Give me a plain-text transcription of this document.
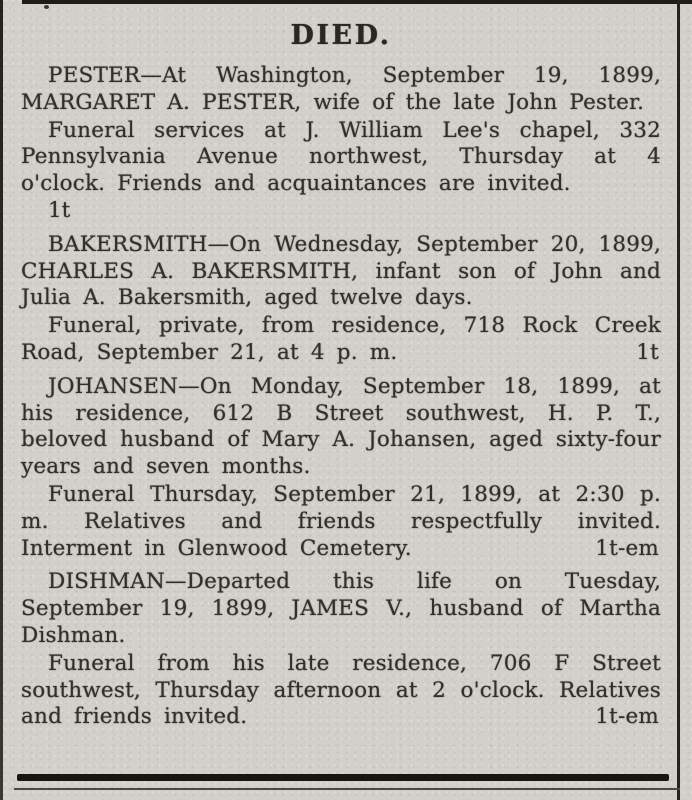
DIED.

PESTER—At Washington, September 19, 1899, MARGARET A. PESTER, wife of the late John Pester.

Funeral services at J. William Lee's chapel, 332 Pennsylvania Avenue northwest, Thursday at 4 o'clock. Friends and acquaintances are invited.

1t

BAKERSMITH—On Wednesday, September 20, 1899, CHARLES A. BAKERSMITH, infant son of John and Julia A. Bakersmith, aged twelve days.

Funeral, private, from residence, 718 Rock Creek Road, September 21, at 4 p. m.	1t

JOHANSEN—On Monday, September 18, 1899, at his residence, 612 B Street southwest, H. P. T., beloved husband of Mary A. Johansen, aged sixty-four years and seven months.

Funeral Thursday, September 21, 1899, at 2:30 p. m. Relatives and friends respectfully invited. Interment in Glenwood Cemetery.	1t-em

DISHMAN—Departed this life on Tuesday, September 19, 1899, JAMES V., husband of Martha Dishman.

Funeral from his late residence, 706 F Street southwest, Thursday afternoon at 2 o'clock. Relatives and friends invited.	1t-em
